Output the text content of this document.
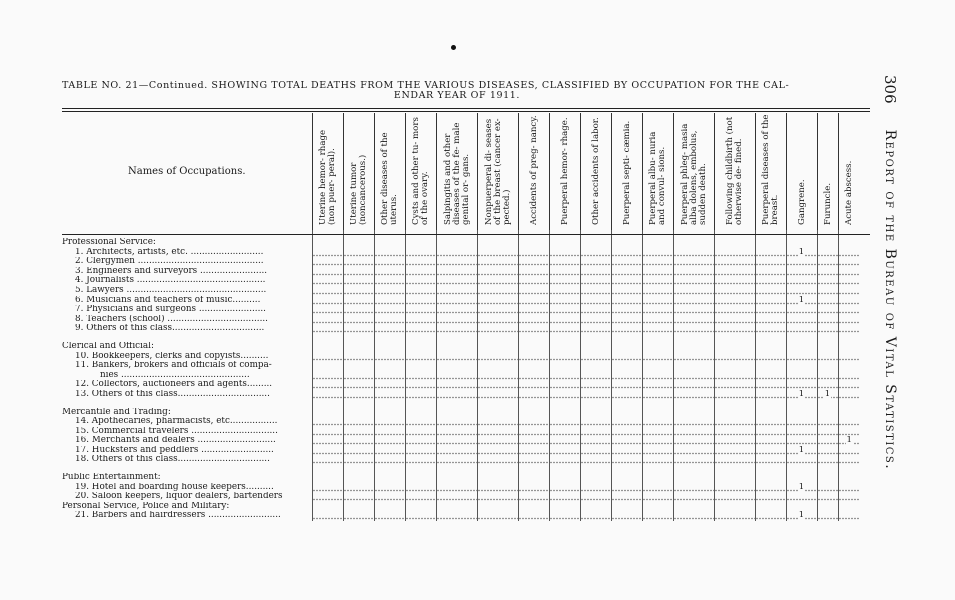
TABLE NO. 21—Continued. SHOWING TOTAL DEATHS FROM THE VARIOUS DISEASES, CLASSIFIED BY OCCUPATION FOR THE CAL-
ENDAR YEAR OF 1911.	306 Report of the Bureau of Vital Statistics.
Names of Occupations.	Uterine hemor- rhage (non puer- peral).	Uterine tumor (noncancerous.)	Other diseases of the uterus.	Cysts and other tu- mors of the ovary.	Salpingitis and other diseases of the fe- male genital or- gans.	Nonpuerperal di- seases of the breast (cancer ex- pected.)	Accidents of preg- nancy.	Puerperal hemor- rhage.	Other accidents of labor.	Puerperal septi- cæmia.	Puerperal albu- nuria and convul- sions.	Puerperal phleg- masia alba dolens, embolus, sudden death.	Following childbirth (not otherwise de- fined.	Puerperal diseases of the breast.	Gangrene.	Furuncle.	Acute abscess.

Professional Service:																	
1. Architects, artists, etc. ..........................															1		
2. Clergymen .............................................																	
3. Engineers and surveyors ........................																	
4. Journalists ..............................................																	
5. Lawyers ..................................................																	
6. Musicians and teachers of music..........															1		
7. Physicians and surgeons ........................																	
8. Teachers (school) ....................................																	
9. Others of this class.................................																	

Clerical and Official:																	
10. Bookkeepers, clerks and copyists..........																	
11. Bankers, brokers and officials of compa-																	
nies ..............................................																	
12. Collectors, auctioneers and agents.........																	
13. Others of this class.................................															1	1	

Mercantile and Trading:																	
14. Apothecaries, pharmacists, etc.................																	
15. Commercial travelers ...............................																	
16. Merchants and dealers ............................																	1
17. Hucksters and peddlers ..........................															1		
18. Others of this class.................................																	

Public Entertainment:																	
19. Hotel and boarding house keepers..........															1		
20. Saloon keepers, liquor dealers, bartenders																	
Personal Service, Police and Military:																	
21. Barbers and hairdressers ..........................															1		
